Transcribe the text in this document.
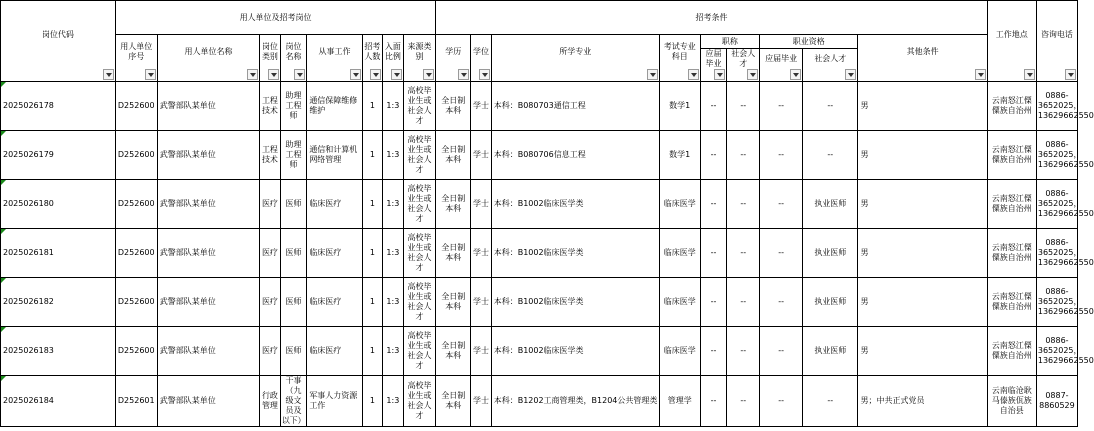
岗位代码	用人单位及招考岗位								招考条件									工作地点	咨询电话

	用人单位序号	用人单位名称	岗位类别	岗位名称	从事工作	招考人数	入面比例	来源类别	学历	学位	所学专业	考试专业科目	职称		职业资格		其他条件		

													应届毕业	社会人才	应届毕业	社会人才			

2025026178	D252600	武警部队某单位	工程技术	助理工程师	通信保障维修维护	1	1:3	高校毕业生或社会人才	全日制本科	学士	本科：B080703通信工程	数学1	--	--	--	--	男	云南怒江傈僳族自治州	0886-3652025，13629662550
2025026179	D252600	武警部队某单位	工程技术	助理工程师	通信和计算机网络管理	1	1:3	高校毕业生或社会人才	全日制本科	学士	本科：B080706信息工程	数学1	--	--	--	--	男	云南怒江傈僳族自治州	0886-3652025，13629662550
2025026180	D252600	武警部队某单位	医疗	医师	临床医疗	1	1:3	高校毕业生或社会人才	全日制本科	学士	本科：B1002临床医学类	临床医学	--	--	--	执业医师	男	云南怒江傈僳族自治州	0886-3652025，13629662550
2025026181	D252600	武警部队某单位	医疗	医师	临床医疗	1	1:3	高校毕业生或社会人才	全日制本科	学士	本科：B1002临床医学类	临床医学	--	--	--	执业医师	男	云南怒江傈僳族自治州	0886-3652025，13629662550
2025026182	D252600	武警部队某单位	医疗	医师	临床医疗	1	1:3	高校毕业生或社会人才	全日制本科	学士	本科：B1002临床医学类	临床医学	--	--	--	执业医师	男	云南怒江傈僳族自治州	0886-3652025，13629662550
2025026183	D252600	武警部队某单位	医疗	医师	临床医疗	1	1:3	高校毕业生或社会人才	全日制本科	学士	本科：B1002临床医学类	临床医学	--	--	--	执业医师	男	云南怒江傈僳族自治州	0886-3652025，13629662550
2025026184	D252601	武警部队某单位	行政管理	干事（九级文员及以下）	军事人力资源工作	1	1:3	高校毕业生或社会人才	全日制本科	学士	本科：B1202工商管理类，B1204公共管理类	管理学	--	--	--	--	男；中共正式党员	云南临沧耿马傣族佤族自治县	0887-8860529
